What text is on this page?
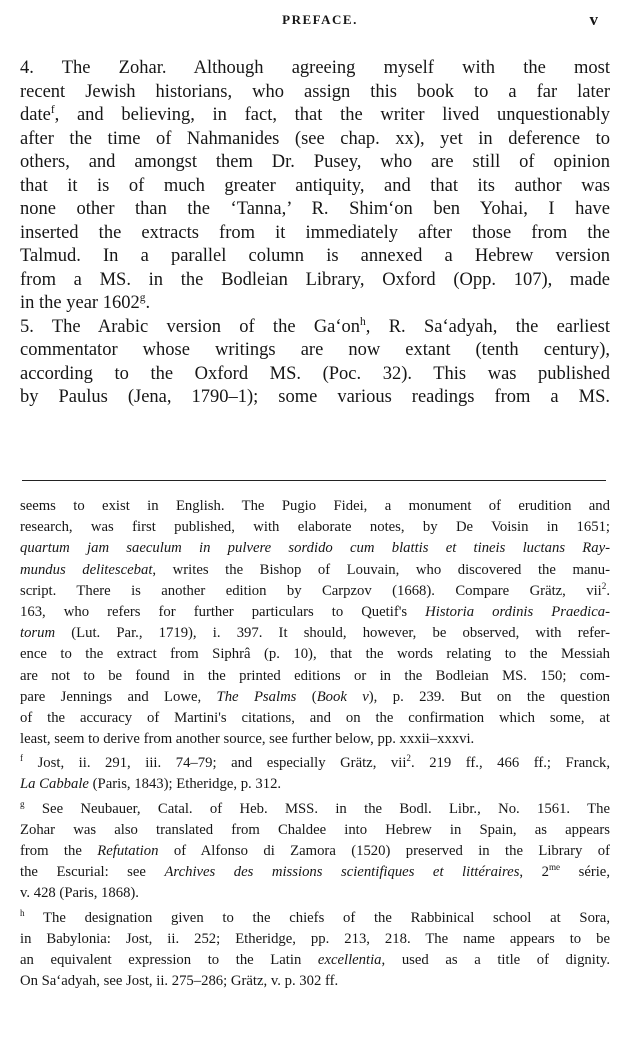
PREFACE.	v
4. The Zohar. Although agreeing myself with the most
recent Jewish historians, who assign this book to a far later
date$^f$, and believing, in fact, that the writer lived unquestionably
after the time of Nahmanides (see chap. xx), yet in deference to
others, and amongst them Dr. Pusey, who are still of opinion
that it is of much greater antiquity, and that its author was
none other than the ‘Tanna,’ R. Shim‘on ben Yohai, I have
inserted the extracts from it immediately after those from the
Talmud. In a parallel column is annexed a Hebrew version
from a MS. in the Bodleian Library, Oxford (Opp. 107), made
in the year 1602$^g$.
5. The Arabic version of the $Ga‘on^h$, R. Sa‘adyah, the earliest
commentator whose writings are now extant (tenth century),
according to the Oxford MS. (Poc. 32). This was published
by Paulus (Jena, 1790–1); some various readings from a MS.
seems to exist in English. The Pugio Fidei, a monument of erudition and
research, was first published, with elaborate notes, by De Voisin in 1651;
quartum jam saeculum in pulvere sordido cum blattis et tineis luctans Ray-
mundus delitescebat, writes the Bishop of Louvain, who discovered the manu-
script. There is another edition by Carpzov (1668). Compare Grätz, vii$^2$.
163, who refers for further particulars to Quetif's Historia ordinis Praedica-
torum (Lut. Par., 1719), i. 397. It should, however, be observed, with refer-
ence to the extract from Siphrâ (p. 10), that the words relating to the Messiah
are not to be found in the printed editions or in the Bodleian MS. 150; com-
pare Jennings and Lowe, The Psalms (Book v), p. 239. But on the question
of the accuracy of Martini's citations, and on the confirmation which some, at
least, seem to derive from another source, see further below, pp. xxxii–xxxvi.
$^f$ Jost, ii. 291, iii. 74–79; and especially Grätz, vii$^2$. 219 ff., 466 ff.; Franck,
La Cabbale (Paris, 1843); Etheridge, p. 312.
$^g$ See Neubauer, Catal. of Heb. MSS. in the Bodl. Libr., No. 1561. The
Zohar was also translated from Chaldee into Hebrew in Spain, as appears
from the Refutation of Alfonso di Zamora (1520) preserved in the Library of
the Escurial: see Archives des missions scientifiques et littéraires, $2^{me}$ série,
v. 428 (Paris, 1868).
$^h$ The designation given to the chiefs of the Rabbinical school at Sora,
in Babylonia: Jost, ii. 252; Etheridge, pp. 213, 218. The name appears to be
an equivalent expression to the Latin excellentia, used as a title of dignity.
On Sa‘adyah, see Jost, ii. 275–286; Grätz, v. p. 302 ff.
